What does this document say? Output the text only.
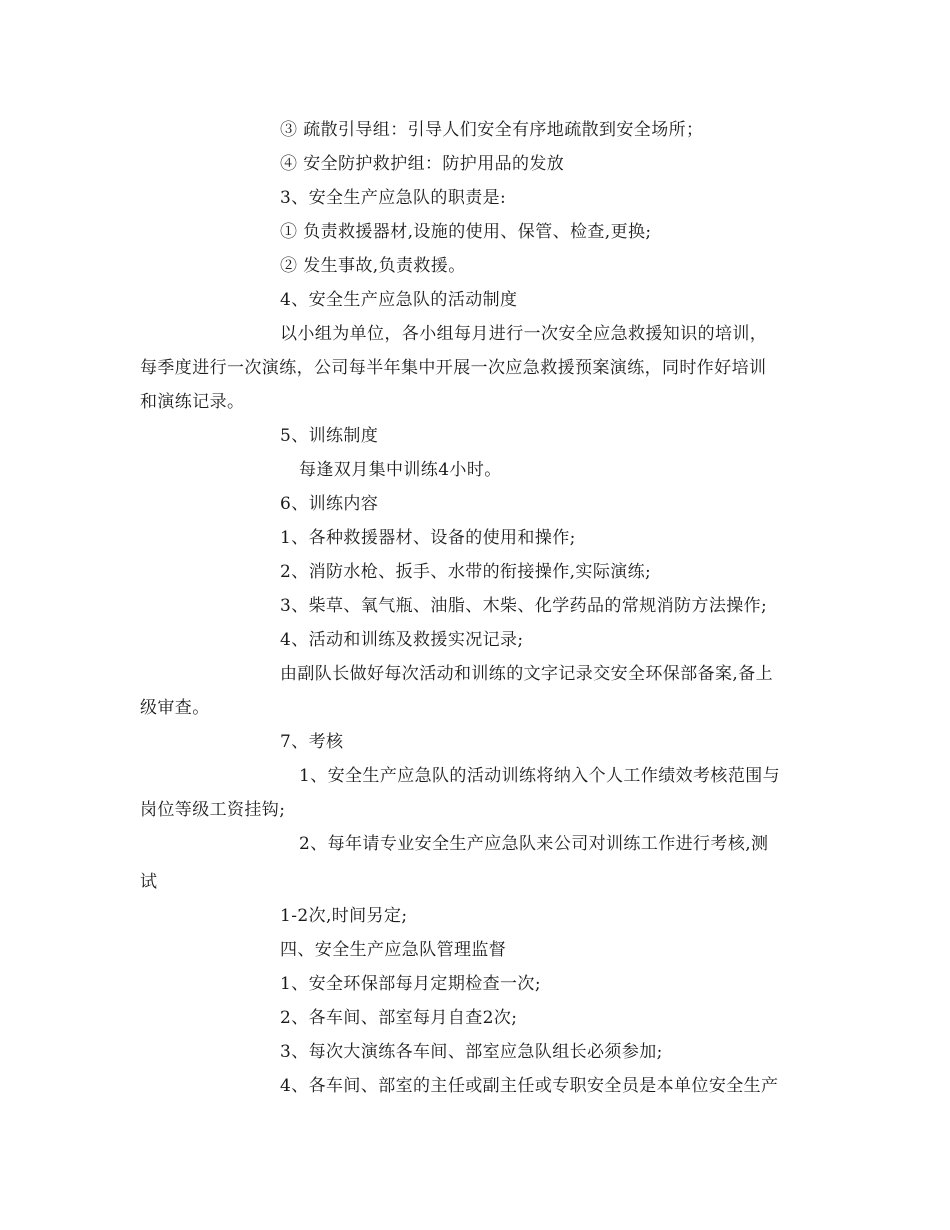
③ 疏散引导组：引导人们安全有序地疏散到安全场所；
④ 安全防护救护组：防护用品的发放
3、安全生产应急队的职责是:
① 负责救援器材,设施的使用、保管、检查,更换;
② 发生事故,负责救援。
4、安全生产应急队的活动制度
以小组为单位，各小组每月进行一次安全应急救援知识的培训，
每季度进行一次演练，公司每半年集中开展一次应急救援预案演练，同时作好培训
和演练记录。
5、训练制度
每逢双月集中训练4小时。
6、训练内容
1、各种救援器材、设备的使用和操作;
2、消防水枪、扳手、水带的衔接操作,实际演练;
3、柴草、氧气瓶、油脂、木柴、化学药品的常规消防方法操作;
4、活动和训练及救援实况记录;
由副队长做好每次活动和训练的文字记录交安全环保部备案,备上
级审查。
7、考核
1、安全生产应急队的活动训练将纳入个人工作绩效考核范围与
岗位等级工资挂钩;
2、每年请专业安全生产应急队来公司对训练工作进行考核,测
试
1-2次,时间另定;
四、安全生产应急队管理监督
1、安全环保部每月定期检查一次;
2、各车间、部室每月自查2次;
3、每次大演练各车间、部室应急队组长必须参加;
4、各车间、部室的主任或副主任或专职安全员是本单位安全生产
